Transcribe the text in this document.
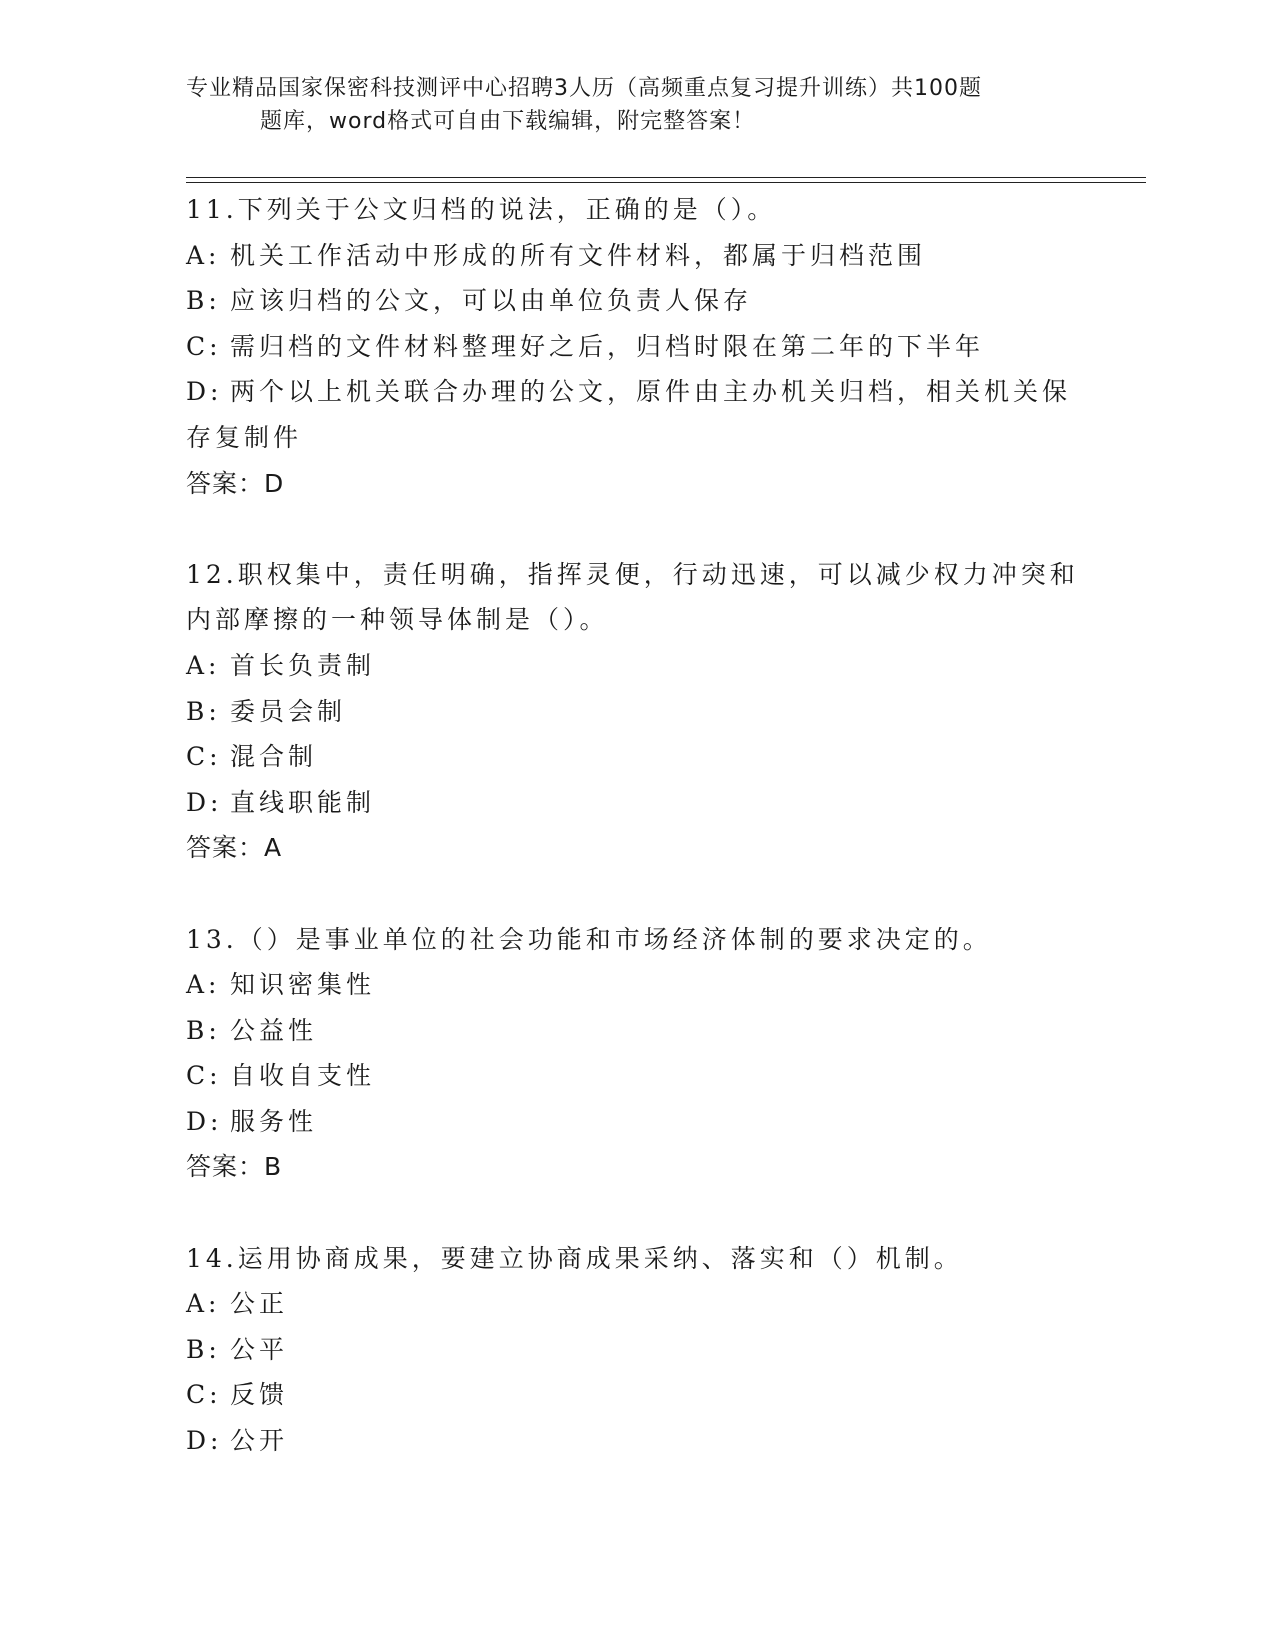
专业精品国家保密科技测评中心招聘3人历（高频重点复习提升训练）共100题
题库，word格式可自由下载编辑，附完整答案！
11.下列关于公文归档的说法，正确的是（）。
A: 机关工作活动中形成的所有文件材料，都属于归档范围
B: 应该归档的公文，可以由单位负责人保存
C: 需归档的文件材料整理好之后，归档时限在第二年的下半年
D: 两个以上机关联合办理的公文，原件由主办机关归档，相关机关保
存复制件
答案：D
12.职权集中，责任明确，指挥灵便，行动迅速，可以减少权力冲突和
内部摩擦的一种领导体制是（）。
A: 首长负责制
B: 委员会制
C: 混合制
D: 直线职能制
答案：A
13.（）是事业单位的社会功能和市场经济体制的要求决定的。
A: 知识密集性
B: 公益性
C: 自收自支性
D: 服务性
答案：B
14.运用协商成果，要建立协商成果采纳、落实和（）机制。
A: 公正
B: 公平
C: 反馈
D: 公开
